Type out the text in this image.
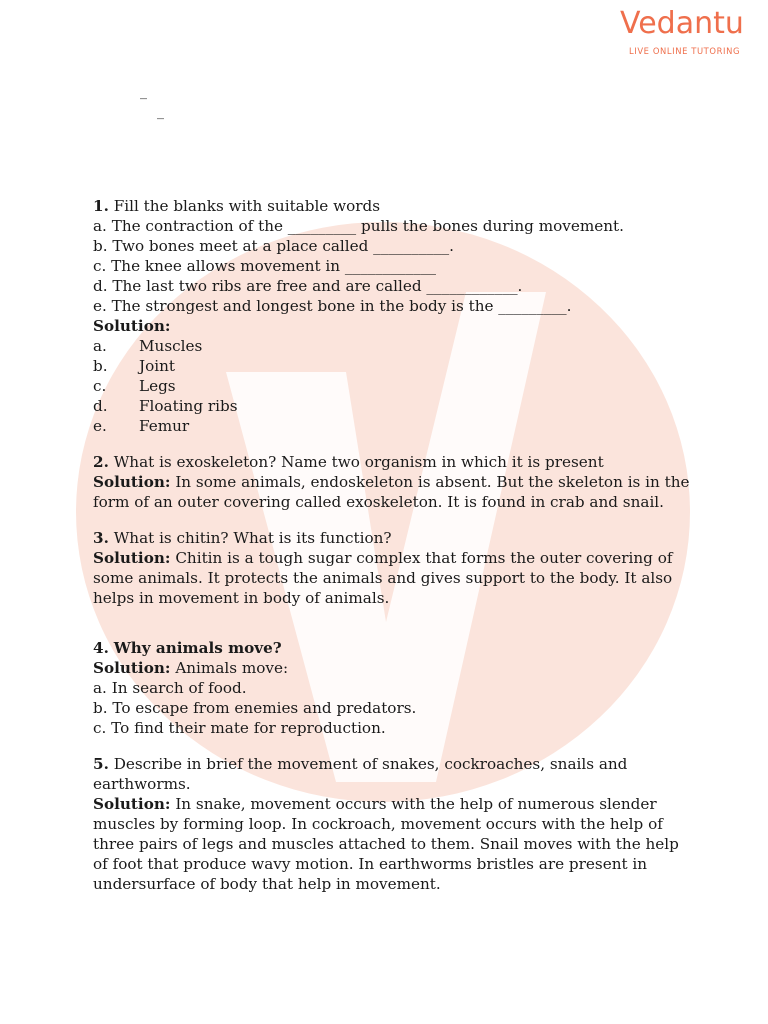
Vedantu
LIVE ONLINE TUTORING
_
_
1. Fill the blanks with suitable words
a. The contraction of the _________ pulls the bones during movement.
b. Two bones meet at a place called __________.
c. The knee allows movement in ____________
d. The last two ribs are free and are called ____________.
e. The strongest and longest bone in the body is the _________.
Solution:
a.	Muscles
b.	Joint
c.	Legs
d.	Floating ribs
e.	Femur
2. What is exoskeleton? Name two organism in which it is present
Solution: In some animals, endoskeleton is absent. But the skeleton is in the form of an outer covering called exoskeleton. It is found in crab and snail.
3. What is chitin? What is its function?
Solution: Chitin is a tough sugar complex that forms the outer covering of some animals. It protects the animals and gives support to the body. It also helps in movement in body of animals.
4. Why animals move?
Solution: Animals move:
a. In search of food.
b. To escape from enemies and predators.
c. To find their mate for reproduction.
5. Describe in brief the movement of snakes, cockroaches, snails and earthworms.
Solution: In snake, movement occurs with the help of numerous slender muscles by forming loop. In cockroach, movement occurs with the help of three pairs of legs and muscles attached to them. Snail moves with the help of foot that produce wavy motion. In earthworms bristles are present in undersurface of body that help in movement.
